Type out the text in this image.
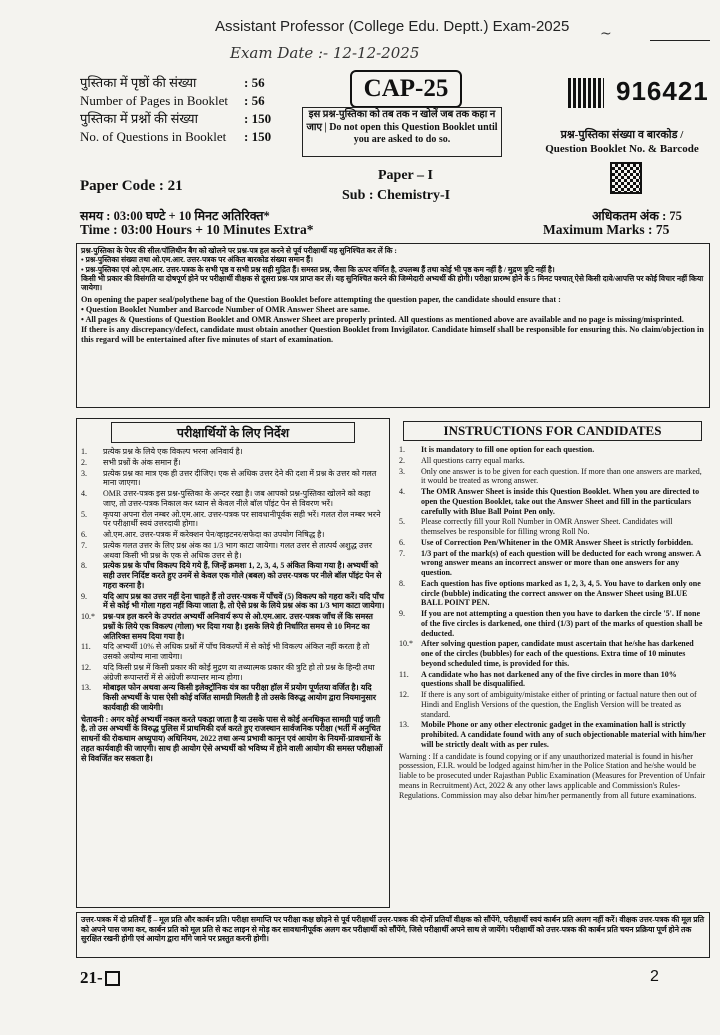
Assistant Professor (College Edu. Deptt.) Exam-2025
Exam Date :- 12-12-2025
~
पुस्तिका में पृष्ठों की संख्या	: 56
Number of Pages in Booklet	: 56
पुस्तिका में प्रश्नों की संख्या	: 150
No. of Questions in Booklet	: 150
CAP-25
इस प्रश्न-पुस्तिका को तब तक न खोलें जब तक कहा न जाए | Do not open this Question Booklet until you are asked to do so.
916421
प्रश्न-पुस्तिका संख्या व बारकोड /
Question Booklet No. & Barcode
Paper Code : 21
Paper – I
Sub : Chemistry-I
समय : 03:00 घण्टे + 10 मिनट अतिरिक्त*
Time : 03:00 Hours + 10 Minutes Extra*
अधिकतम अंक : 75
Maximum Marks : 75
प्रश्न-पुस्तिका के पेपर की सील/पॉलिथीन बैग को खोलने पर प्रश्न-पत्र हल करने से पूर्व परीक्षार्थी यह सुनिश्चित कर लें कि :
• प्रश्न-पुस्तिका संख्या तथा ओ.एम.आर. उत्तर-पत्रक पर अंकित बारकोड संख्या समान हैं।
• प्रश्न-पुस्तिका एवं ओ.एम.आर. उत्तर-पत्रक के सभी पृष्ठ व सभी प्रश्न सही मुद्रित हैं। समस्त प्रश्न, जैसा कि ऊपर वर्णित है, उपलब्ध हैं तथा कोई भी पृष्ठ कम नहीं है / मुद्रण त्रुटि नहीं है।
किसी भी प्रकार की विसंगति या दोषपूर्ण होने पर परीक्षार्थी वीक्षक से दूसरा प्रश्न-पत्र प्राप्त कर लें। यह सुनिश्चित करने की जिम्मेदारी अभ्यर्थी की होगी। परीक्षा प्रारम्भ होने के 5 मिनट पश्चात् ऐसे किसी दावे/आपत्ति पर कोई विचार नहीं किया जायेगा।
On opening the paper seal/polythene bag of the Question Booklet before attempting the question paper, the candidate should ensure that :
• Question Booklet Number and Barcode Number of OMR Answer Sheet are same.
• All pages & Questions of Question Booklet and OMR Answer Sheet are properly printed. All questions as mentioned above are available and no page is missing/misprinted.
If there is any discrepancy/defect, candidate must obtain another Question Booklet from Invigilator. Candidate himself shall be responsible for ensuring this. No claim/objection in this regard will be entertained after five minutes of start of examination.
परीक्षार्थियों के लिए निर्देश
1.	प्रत्येक प्रश्न के लिये एक विकल्प भरना अनिवार्य है।
2.	सभी प्रश्नों के अंक समान हैं।
3.	प्रत्येक प्रश्न का मात्र एक ही उत्तर दीजिए। एक से अधिक उत्तर देने की दशा में प्रश्न के उत्तर को गलत माना जाएगा।
4.	OMR उत्तर-पत्रक इस प्रश्न-पुस्तिका के अन्दर रखा है। जब आपको प्रश्न-पुस्तिका खोलने को कहा जाए, तो उत्तर-पत्रक निकाल कर ध्यान से केवल नीले बॉल पॉइंट पेन से विवरण भरें।
5.	कृपया अपना रोल नम्बर ओ.एम.आर. उत्तर-पत्रक पर सावधानीपूर्वक सही भरें। गलत रोल नम्बर भरने पर परीक्षार्थी स्वयं उत्तरदायी होगा।
6.	ओ.एम.आर. उत्तर-पत्रक में करेक्शन पेन/व्हाइटनर/सफेदा का उपयोग निषिद्ध है।
7.	प्रत्येक गलत उत्तर के लिए प्रश्न अंक का 1/3 भाग काटा जायेगा। गलत उत्तर से तात्पर्य अशुद्ध उत्तर अथवा किसी भी प्रश्न के एक से अधिक उत्तर से है।
8.	प्रत्येक प्रश्न के पाँच विकल्प दिये गये हैं, जिन्हें क्रमशः 1, 2, 3, 4, 5 अंकित किया गया है। अभ्यर्थी को सही उत्तर निर्दिष्ट करते हुए उनमें से केवल एक गोले (बबल) को उत्तर-पत्रक पर नीले बॉल पॉइंट पेन से गहरा करना है।
9.	यदि आप प्रश्न का उत्तर नहीं देना चाहते हैं तो उत्तर-पत्रक में पाँचवें (5) विकल्प को गहरा करें। यदि पाँच में से कोई भी गोला गहरा नहीं किया जाता है, तो ऐसे प्रश्न के लिये प्रश्न अंक का 1/3 भाग काटा जायेगा।
10.*	प्रश्न-पत्र हल करने के उपरांत अभ्यर्थी अनिवार्य रूप से ओ.एम.आर. उत्तर-पत्रक जाँच लें कि समस्त प्रश्नों के लिये एक विकल्प (गोला) भर दिया गया है। इसके लिये ही निर्धारित समय से 10 मिनट का अतिरिक्त समय दिया गया है।
11.	यदि अभ्यर्थी 10% से अधिक प्रश्नों में पाँच विकल्पों में से कोई भी विकल्प अंकित नहीं करता है तो उसको अयोग्य माना जायेगा।
12.	यदि किसी प्रश्न में किसी प्रकार की कोई मुद्रण या तथ्यात्मक प्रकार की त्रुटि हो तो प्रश्न के हिन्दी तथा अंग्रेजी रूपान्तरों में से अंग्रेजी रूपान्तर मान्य होगा।
13.	मोबाइल फोन अथवा अन्य किसी इलेक्ट्रॉनिक यंत्र का परीक्षा हॉल में प्रयोग पूर्णतया वर्जित है। यदि किसी अभ्यर्थी के पास ऐसी कोई वर्जित सामग्री मिलती है तो उसके विरुद्ध आयोग द्वारा नियमानुसार कार्यवाही की जायेगी।
चेतावनी : अगर कोई अभ्यर्थी नकल करते पकड़ा जाता है या उसके पास से कोई अनधिकृत सामग्री पाई जाती है, तो उस अभ्यर्थी के विरुद्ध पुलिस में प्राथमिकी दर्ज करते हुए राजस्थान सार्वजनिक परीक्षा (भर्ती में अनुचित साधनों की रोकथाम अध्युपाय) अधिनियम, 2022 तथा अन्य प्रभावी कानून एवं आयोग के नियमों-प्रावधानों के तहत कार्यवाही की जाएगी। साथ ही आयोग ऐसे अभ्यर्थी को भविष्य में होने वाली आयोग की समस्त परीक्षाओं से विवर्जित कर सकता है।
INSTRUCTIONS FOR CANDIDATES
1.	It is mandatory to fill one option for each question.
2.	All questions carry equal marks.
3.	Only one answer is to be given for each question. If more than one answers are marked, it would be treated as wrong answer.
4.	The OMR Answer Sheet is inside this Question Booklet. When you are directed to open the Question Booklet, take out the Answer Sheet and fill in the particulars carefully with Blue Ball Point Pen only.
5.	Please correctly fill your Roll Number in OMR Answer Sheet. Candidates will themselves be responsible for filling wrong Roll No.
6.	Use of Correction Pen/Whitener in the OMR Answer Sheet is strictly forbidden.
7.	1/3 part of the mark(s) of each question will be deducted for each wrong answer. A wrong answer means an incorrect answer or more than one answers for any question.
8.	Each question has five options marked as 1, 2, 3, 4, 5. You have to darken only one circle (bubble) indicating the correct answer on the Answer Sheet using BLUE BALL POINT PEN.
9.	If you are not attempting a question then you have to darken the circle '5'. If none of the five circles is darkened, one third (1/3) part of the marks of question shall be deducted.
10.*	After solving question paper, candidate must ascertain that he/she has darkened one of the circles (bubbles) for each of the questions. Extra time of 10 minutes beyond scheduled time, is provided for this.
11.	A candidate who has not darkened any of the five circles in more than 10% questions shall be disqualified.
12.	If there is any sort of ambiguity/mistake either of printing or factual nature then out of Hindi and English Versions of the question, the English Version will be treated as standard.
13.	Mobile Phone or any other electronic gadget in the examination hall is strictly prohibited. A candidate found with any of such objectionable material with him/her will be strictly dealt with as per rules.
Warning : If a candidate is found copying or if any unauthorized material is found in his/her possession, F.I.R. would be lodged against him/her in the Police Station and he/she would be liable to be prosecuted under Rajasthan Public Examination (Measures for Prevention of Unfair means in Recruitment) Act, 2022 & any other laws applicable and Commission's Rules-Regulations. Commission may also debar him/her permanently from all future examinations.
उत्तर-पत्रक में दो प्रतियाँ हैं – मूल प्रति और कार्बन प्रति। परीक्षा समाप्ति पर परीक्षा कक्ष छोड़ने से पूर्व परीक्षार्थी उत्तर-पत्रक की दोनों प्रतियाँ वीक्षक को सौंपेंगे, परीक्षार्थी स्वयं कार्बन प्रति अलग नहीं करें। वीक्षक उत्तर-पत्रक की मूल प्रति को अपने पास जमा कर, कार्बन प्रति को मूल प्रति से कट लाइन से मोड़ कर सावधानीपूर्वक अलग कर परीक्षार्थी को सौंपेंगे, जिसे परीक्षार्थी अपने साथ ले जायेंगे। परीक्षार्थी को उत्तर-पत्रक की कार्बन प्रति चयन प्रक्रिया पूर्ण होने तक सुरक्षित रखनी होगी एवं आयोग द्वारा माँगे जाने पर प्रस्तुत करनी होगी।
21-	2
